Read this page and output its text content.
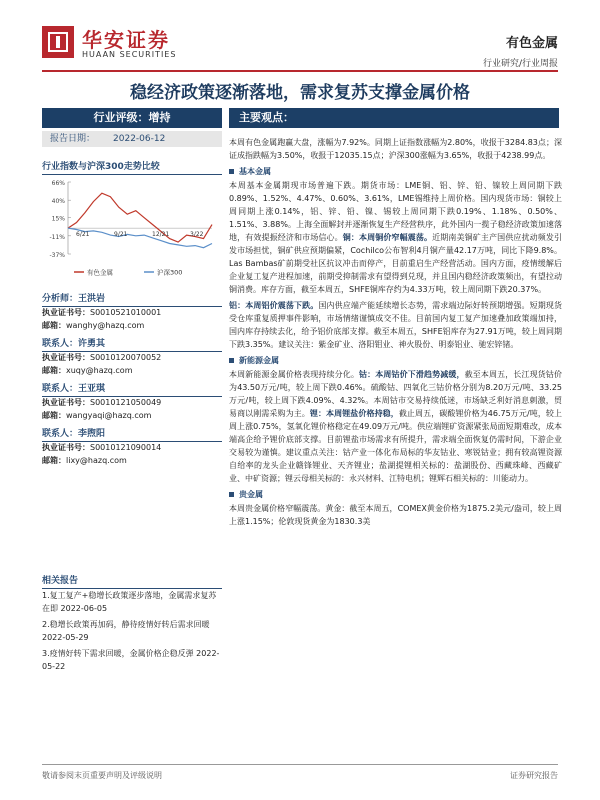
华安证券
HUAAN SECURITIES
有色金属
行业研究/行业周报
稳经济政策逐渐落地，需求复苏支撑金属价格
行业评级：增持
报告日期： 2022-06-12
主要观点：
行业指数与沪深300走势比较
66%
40%
15%
-11%
-37%
6/21	9/21	12/21	3/22
有色金属	沪深300
分析师：王洪岩
执业证书号：S0010521010001
邮箱：wanghy@hazq.com
联系人：许勇其
执业证书号：S0010120070052
邮箱：xuqy@hazq.com
联系人：王亚琪
执业证书号：S0010121050049
邮箱：wangyaqi@hazq.com
联系人：李煦阳
执业证书号：S0010121090014
邮箱：lixy@hazq.com
相关报告
1.复工复产+稳增长政策逐步落地，金属需求复苏在即 2022-06-05
2.稳增长政策再加码，静待疫情好转后需求回暖 2022-05-29
3.疫情好转下需求回暖，金属价格企稳反弹 2022-05-22

本周有色金属跑赢大盘，涨幅为7.92%。同期上证指数涨幅为2.80%，收报于3284.83点；深证成指跌幅为3.50%，收报于12035.15点；沪深300涨幅为3.65%，收报于4238.99点。

基本金属

本周基本金属期现市场普遍下跌。期货市场：LME铜、铝、锌、铅、镍较上周同期下跌0.89%、1.52%、4.47%、0.60%、3.61%，LME锡维持上周价格。国内现货市场：铜较上周同期上涨0.14%，铝、锌、铅、镍、锡较上周同期下跌0.19%、1.18%、0.50%、1.51%、3.88%。上海全面解封并逐渐恢复生产经营秩序，此外国内一揽子稳经济政策加速落地，有效提振经济和市场信心。铜：本周铜价窄幅震荡。近期南美铜矿主产国供应扰动频发引发市场担忧，铜矿供应预期偏紧，Cochilco公布智利4月铜产量42.17万吨，同比下降9.8%。Las Bambas矿前期受社区抗议冲击而停产，目前重启生产经营活动。国内方面，疫情缓解后企业复工复产进程加速，前期受抑制需求有望得到兑现，并且国内稳经济政策频出，有望拉动铜消费。库存方面，截至本周五，SHFE铜库存约为4.33万吨，较上周同期下跌20.37%。

铝：本周铝价震荡下跌。国内供应端产能延续增长态势，需求端边际好转预期增强。短期现货受仓库重复质押事件影响，市场情绪谨慎成交不佳。目前国内复工复产加速叠加政策端加持，国内库存持续去化，给予铝价底部支撑。截至本周五，SHFE铝库存为27.91万吨，较上周同期下跌3.35%。建议关注：紫金矿业、洛阳钼业、神火股份、明泰铝业、驰宏锌锗。

新能源金属

本周新能源金属价格表现持续分化。钴：本周钴价下滑趋势减缓，截至本周五，长江现货钴价为43.50万元/吨，较上周下跌0.46%。硫酸钴、四氧化三钴价格分别为8.20万元/吨、33.25万元/吨，较上周下跌4.09%、4.32%。本周钴市交易持续低迷，市场缺乏利好消息刺激，贸易商以刚需采购为主。锂：本周锂盐价格持稳，截止周五，碳酸锂价格为46.75万元/吨，较上周上涨0.75%，氢氧化锂价格稳定在49.09万元/吨。供应端锂矿资源紧张局面短期难改，成本端高企给予锂价底部支撑。目前锂盐市场需求有所提升，需求端全面恢复仍需时间，下游企业交易较为谨慎。建议重点关注：钴产业一体化布局标的华友钴业、寒锐钴业；拥有较高锂资源自给率的龙头企业赣锋锂业、天齐锂业；盐湖提锂相关标的：盐湖股份、西藏珠峰、西藏矿业、中矿资源；锂云母相关标的：永兴材料、江特电机；锂辉石相关标的：川能动力。

贵金属

本周贵金属价格窄幅震荡。黄金：截至本周五，COMEX黄金价格为1875.2美元/盎司，较上周上涨1.15%；伦敦现货黄金为1830.3美

敬请参阅末页重要声明及评级说明	证券研究报告
